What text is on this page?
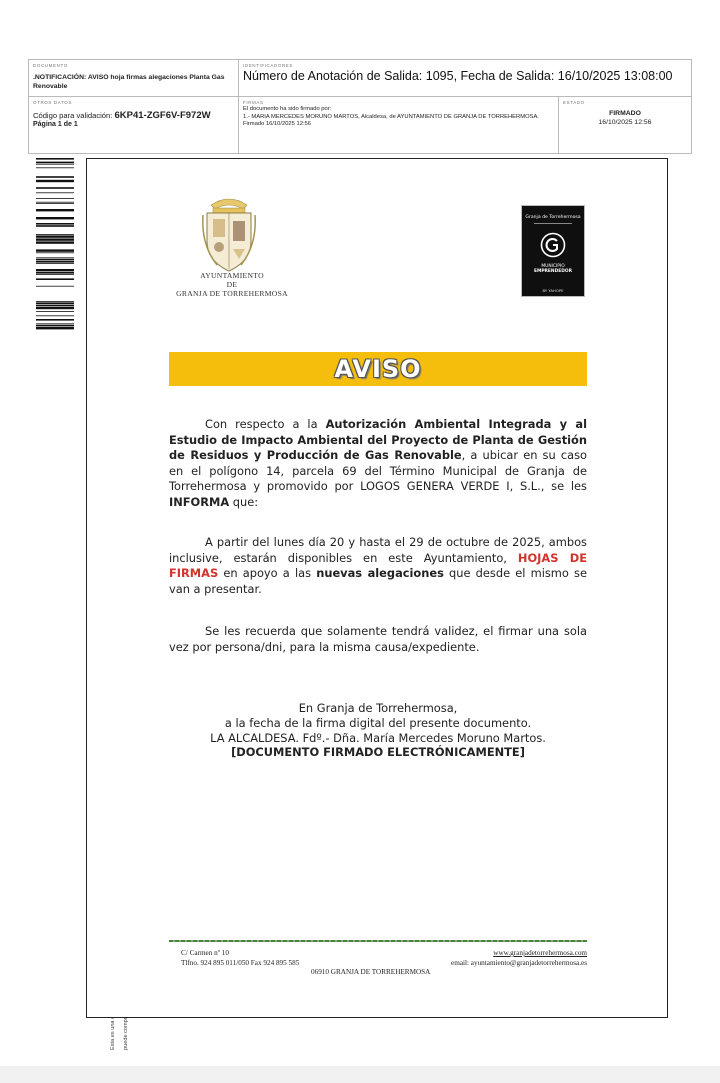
DOCUMENTO
.NOTIFICACIÓN: AVISO hoja firmas alegaciones Planta Gas Renovable
IDENTIFICADORES
Número de Anotación de Salida: 1095, Fecha de Salida: 16/10/2025 13:08:00
OTROS DATOS
Código para validación: 6KP41-ZGF6V-F972W
Página 1 de 1
FIRMAS
El documento ha sido firmado por:
1.- MARIA MERCEDES MORUNO MARTOS, Alcaldesa, de AYUNTAMIENTO DE GRANJA DE TORREHERMOSA.
Firmado 16/10/2025 12:56
ESTADO
FIRMADO
16/10/2025 12:56
AYUNTAMIENTO
DE
GRANJA DE TORREHERMOSA
Granja de Torrehermosa
MUNICIPIO
EMPRENDEDOR
BY YAHOPE
AVISO

Con respecto a la Autorización Ambiental Integrada y al Estudio de Impacto Ambiental del Proyecto de Planta de Gestión de Residuos y Producción de Gas Renovable, a ubicar en su caso en el polígono 14, parcela 69 del Término Municipal de Granja de Torrehermosa y promovido por LOGOS GENERA VERDE I, S.L., se les INFORMA que:

A partir del lunes día 20 y hasta el 29 de octubre de 2025, ambos inclusive, estarán disponibles en este Ayuntamiento, HOJAS DE FIRMAS en apoyo a las nuevas alegaciones que desde el mismo se van a presentar.

Se les recuerda que solamente tendrá validez, el firmar una sola vez por persona/dni, para la misma causa/expediente.

En Granja de Torrehermosa,
a la fecha de la firma digital del presente documento.
LA ALCALDESA. Fdº.- Dña. María Mercedes Moruno Martos.
[DOCUMENTO FIRMADO ELECTRÓNICAMENTE]
C/ Carmen nº 10	www.granjadetorrehermosa.com
Tlfno. 924 895 011/050 Fax 924 895 585	email: ayuntamiento@granjadetorrehermosa.es
06910 GRANJA DE TORREHERMOSA
